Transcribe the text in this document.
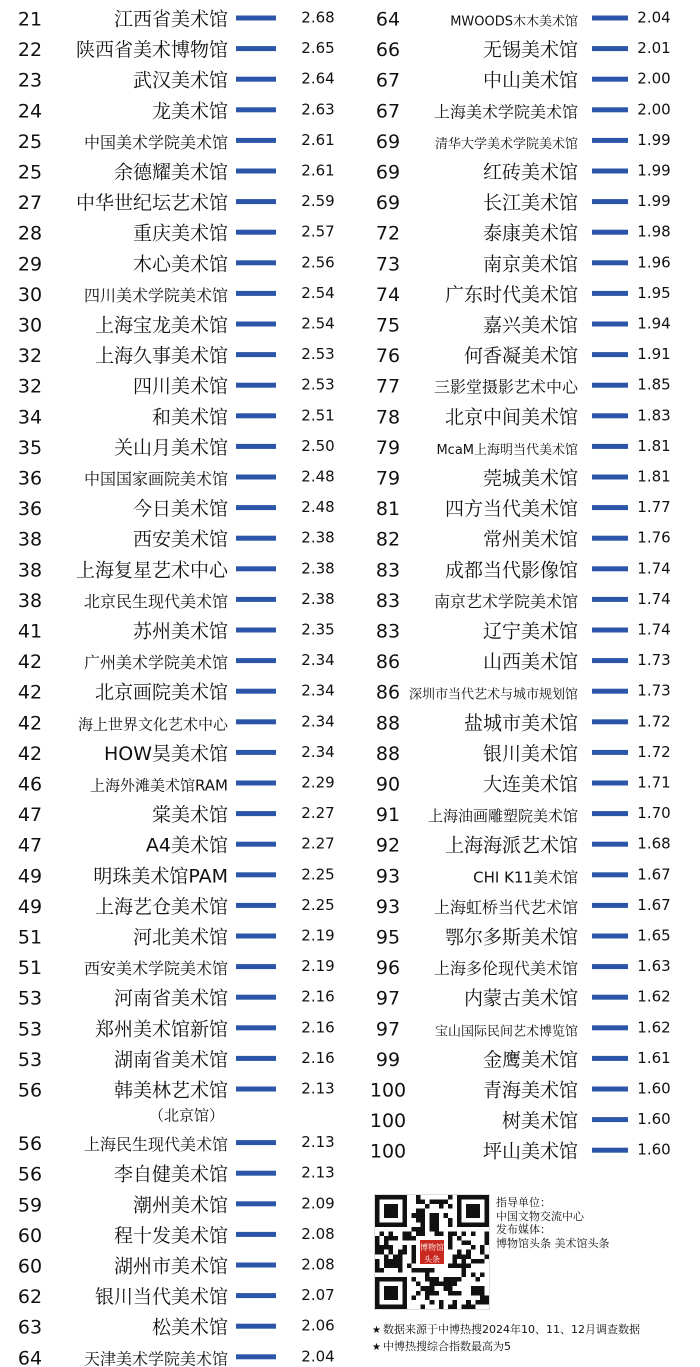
21	江西省美术馆	2.68
22 陕西省美术博物馆	2.65
23	武汉美术馆	2.64
24	龙美术馆	2.63
25	中国美术学院美术馆	2.61
25	余德耀美术馆	2.61
27 中华世纪坛艺术馆	2.59
28	重庆美术馆	2.57
29	木心美术馆	2.56
30	四川美术学院美术馆	2.54
30	上海宝龙美术馆	2.54
32	上海久事美术馆	2.53
32	四川美术馆	2.53
34	和美术馆	2.51
35	关山月美术馆	2.50
36	中国国家画院美术馆	2.48
36	今日美术馆	2.48
38	西安美术馆	2.38
38 上海复星艺术中心	2.38
38	北京民生现代美术馆	2.38
41	苏州美术馆	2.35
42	广州美术学院美术馆	2.34
42	北京画院美术馆	2.34
42 海上世界文化艺术中心	2.34
42	HOW昊美术馆	2.34
46	上海外滩美术馆RAM	2.29
47	棠美术馆	2.27
47	A4美术馆	2.27
49	明珠美术馆PAM	2.25
49	上海艺仓美术馆	2.25
51	河北美术馆	2.19
51	西安美术学院美术馆	2.19
53	河南省美术馆	2.16
53	郑州美术馆新馆	2.16
53	湖南省美术馆	2.16
56	韩美林艺术馆	2.13
（北京馆）
56	上海民生现代美术馆	2.13
56	李自健美术馆	2.13
59	潮州美术馆	2.09
60	程十发美术馆	2.08
60	湖州市美术馆	2.08
62	银川当代美术馆	2.07
63	松美术馆	2.06
64	天津美术学院美术馆	2.04
64	MWOODS木木美术馆	2.04
66	无锡美术馆	2.01
67	中山美术馆	2.00
67 上海美术学院美术馆	2.00
69	清华大学美术学院美术馆	1.99
69	红砖美术馆	1.99
69	长江美术馆	1.99
72	泰康美术馆	1.98
73	南京美术馆	1.96
74 广东时代美术馆	1.95
75	嘉兴美术馆	1.94
76	何香凝美术馆	1.91
77 三影堂摄影艺术中心	1.85
78 北京中间美术馆	1.83
79	McaM上海明当代美术馆	1.81
79	莞城美术馆	1.81
81 四方当代美术馆	1.77
82	常州美术馆	1.76
83 成都当代影像馆	1.74
83 南京艺术学院美术馆	1.74
83	辽宁美术馆	1.74
86	山西美术馆	1.73
86 深圳市当代艺术与城市规划馆	1.73
88	盐城市美术馆	1.72
88	银川美术馆	1.72
90	大连美术馆	1.71
91 上海油画雕塑院美术馆	1.70
92 上海海派艺术馆	1.68
93	CHI K11美术馆	1.67
93 上海虹桥当代艺术馆	1.67
95 鄂尔多斯美术馆	1.65
96 上海多伦现代美术馆	1.63
97	内蒙古美术馆	1.62
97	宝山国际民间艺术博览馆	1.62
99	金鹰美术馆	1.61
100	青海美术馆	1.60
100	树美术馆	1.60
100	坪山美术馆	1.60
博物馆头条
指导单位：
中国文物交流中心
发布媒体：
博物馆头条 美术馆头条
★ 数据来源于中博热搜2024年10、11、12月调查数据
★ 中博热搜综合指数最高为5
